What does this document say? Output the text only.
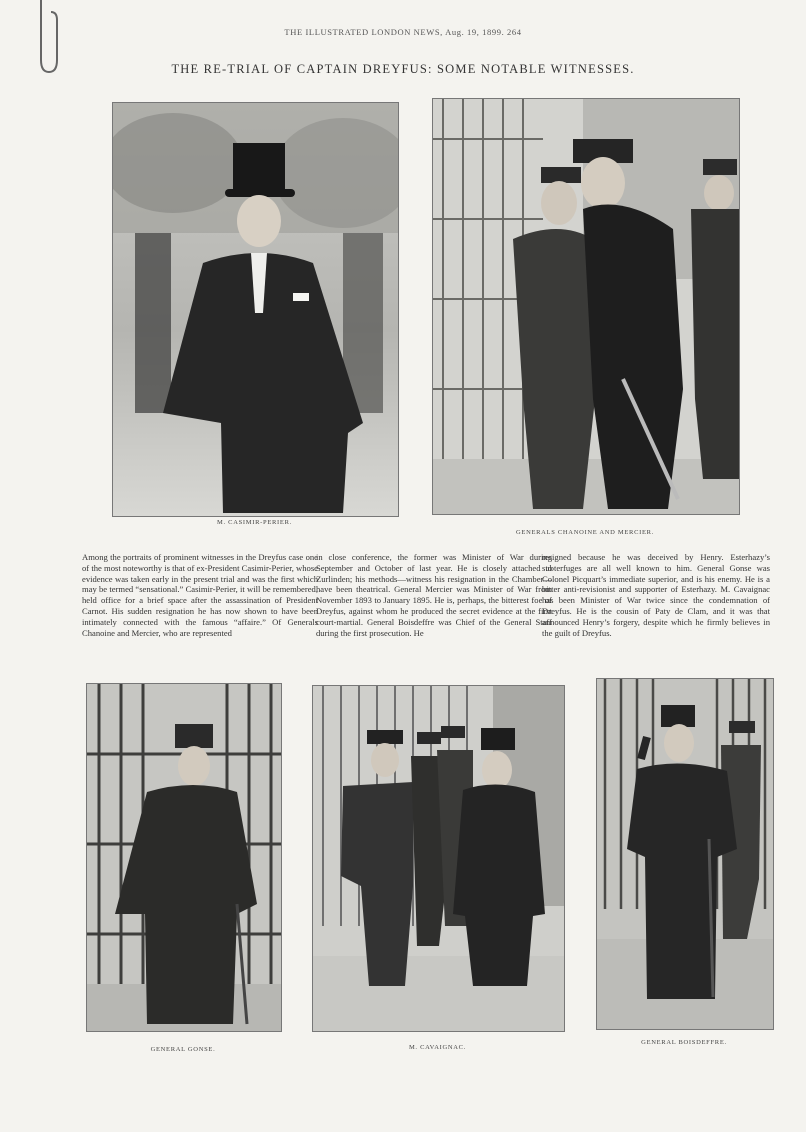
THE ILLUSTRATED LONDON NEWS, Aug. 19, 1899. 264
THE RE-TRIAL OF CAPTAIN DREYFUS: SOME NOTABLE WITNESSES.
M. CASIMIR-PERIER.
GENERALS CHANOINE AND MERCIER.

Among the portraits of prominent witnesses in the Dreyfus case one of the most noteworthy is that of ex-President Casimir-Perier, whose evidence was taken early in the present trial and was the first which may be termed “sensational.” Casimir-Perier, it will be remembered, held office for a brief space after the assassination of President Carnot. His sudden resignation he has now shown to have been intimately connected with the famous “affaire.” Of Generals Chanoine and Mercier, who are represented

in close conference, the former was Minister of War during September and October of last year. He is closely attached to Zurlinden; his methods—witness his resignation in the Chamber—have been theatrical. General Mercier was Minister of War from November 1893 to January 1895. He is, perhaps, the bitterest foe of Dreyfus, against whom he produced the secret evidence at the first court-martial. General Boisdeffre was Chief of the General Staff during the first prosecution. He

resigned because he was deceived by Henry. Esterhazy’s subterfuges are all well known to him. General Gonse was Colonel Picquart’s immediate superior, and is his enemy. He is a bitter anti-revisionist and supporter of Esterhazy. M. Cavaignac has been Minister of War twice since the condemnation of Dreyfus. He is the cousin of Paty de Clam, and it was that announced Henry’s forgery, despite which he firmly believes in the guilt of Dreyfus.

GENERAL GONSE.	M. CAVAIGNAC.
GENERAL BOISDEFFRE.
